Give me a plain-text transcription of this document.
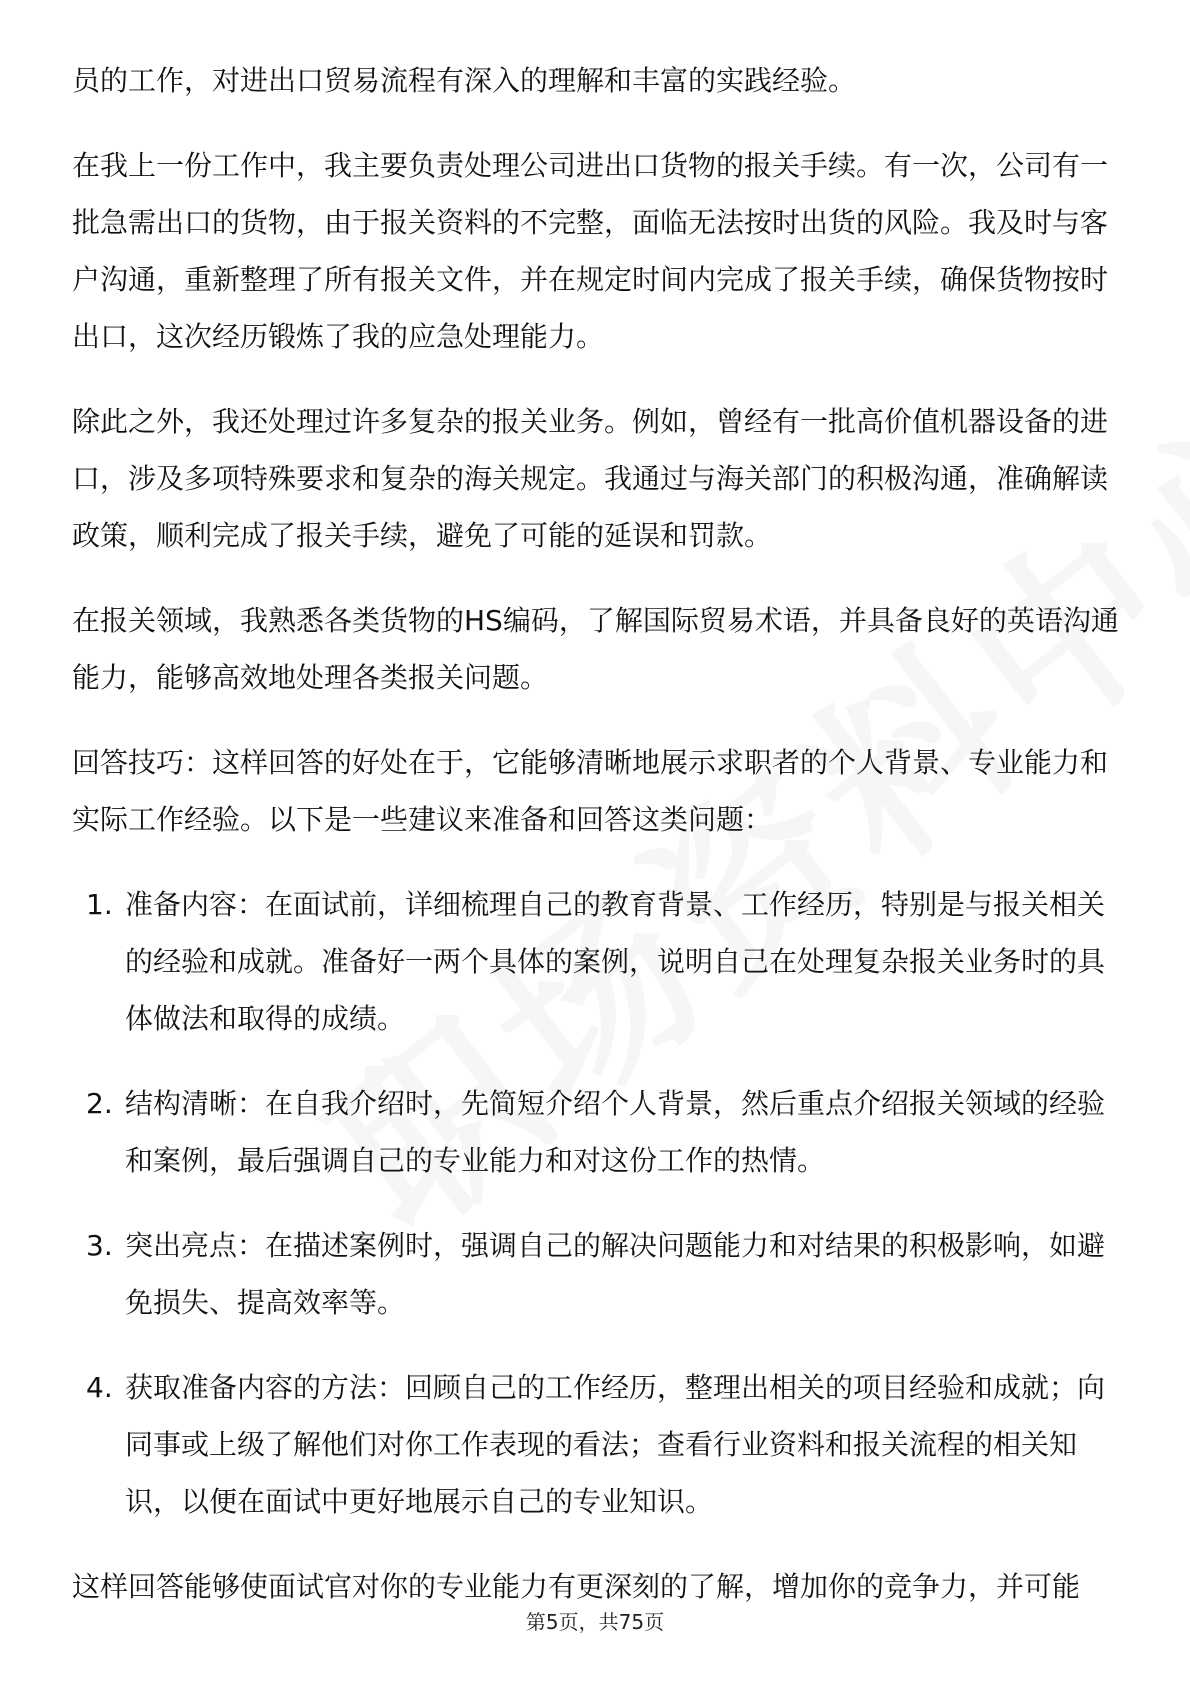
员的工作，对进出口贸易流程有深入的理解和丰富的实践经验。

在我上一份工作中，我主要负责处理公司进出口货物的报关手续。有一次，公司有一批急需出口的货物，由于报关资料的不完整，面临无法按时出货的风险。我及时与客户沟通，重新整理了所有报关文件，并在规定时间内完成了报关手续，确保货物按时出口，这次经历锻炼了我的应急处理能力。

除此之外，我还处理过许多复杂的报关业务。例如，曾经有一批高价值机器设备的进口，涉及多项特殊要求和复杂的海关规定。我通过与海关部门的积极沟通，准确解读政策，顺利完成了报关手续，避免了可能的延误和罚款。

在报关领域，我熟悉各类货物的HS编码，了解国际贸易术语，并具备良好的英语沟通能力，能够高效地处理各类报关问题。

回答技巧：这样回答的好处在于，它能够清晰地展示求职者的个人背景、专业能力和实际工作经验。以下是一些建议来准备和回答这类问题：

1. 准备内容：在面试前，详细梳理自己的教育背景、工作经历，特别是与报关相关的经验和成就。准备好一两个具体的案例，说明自己在处理复杂报关业务时的具体做法和取得的成绩。
2. 结构清晰：在自我介绍时，先简短介绍个人背景，然后重点介绍报关领域的经验和案例，最后强调自己的专业能力和对这份工作的热情。
3. 突出亮点：在描述案例时，强调自己的解决问题能力和对结果的积极影响，如避免损失、提高效率等。
4. 获取准备内容的方法：回顾自己的工作经历，整理出相关的项目经验和成就；向同事或上级了解他们对你工作表现的看法；查看行业资料和报关流程的相关知识，以便在面试中更好地展示自己的专业知识。

这样回答能够使面试官对你的专业能力有更深刻的了解，增加你的竞争力，并可能

第5页，共75页
